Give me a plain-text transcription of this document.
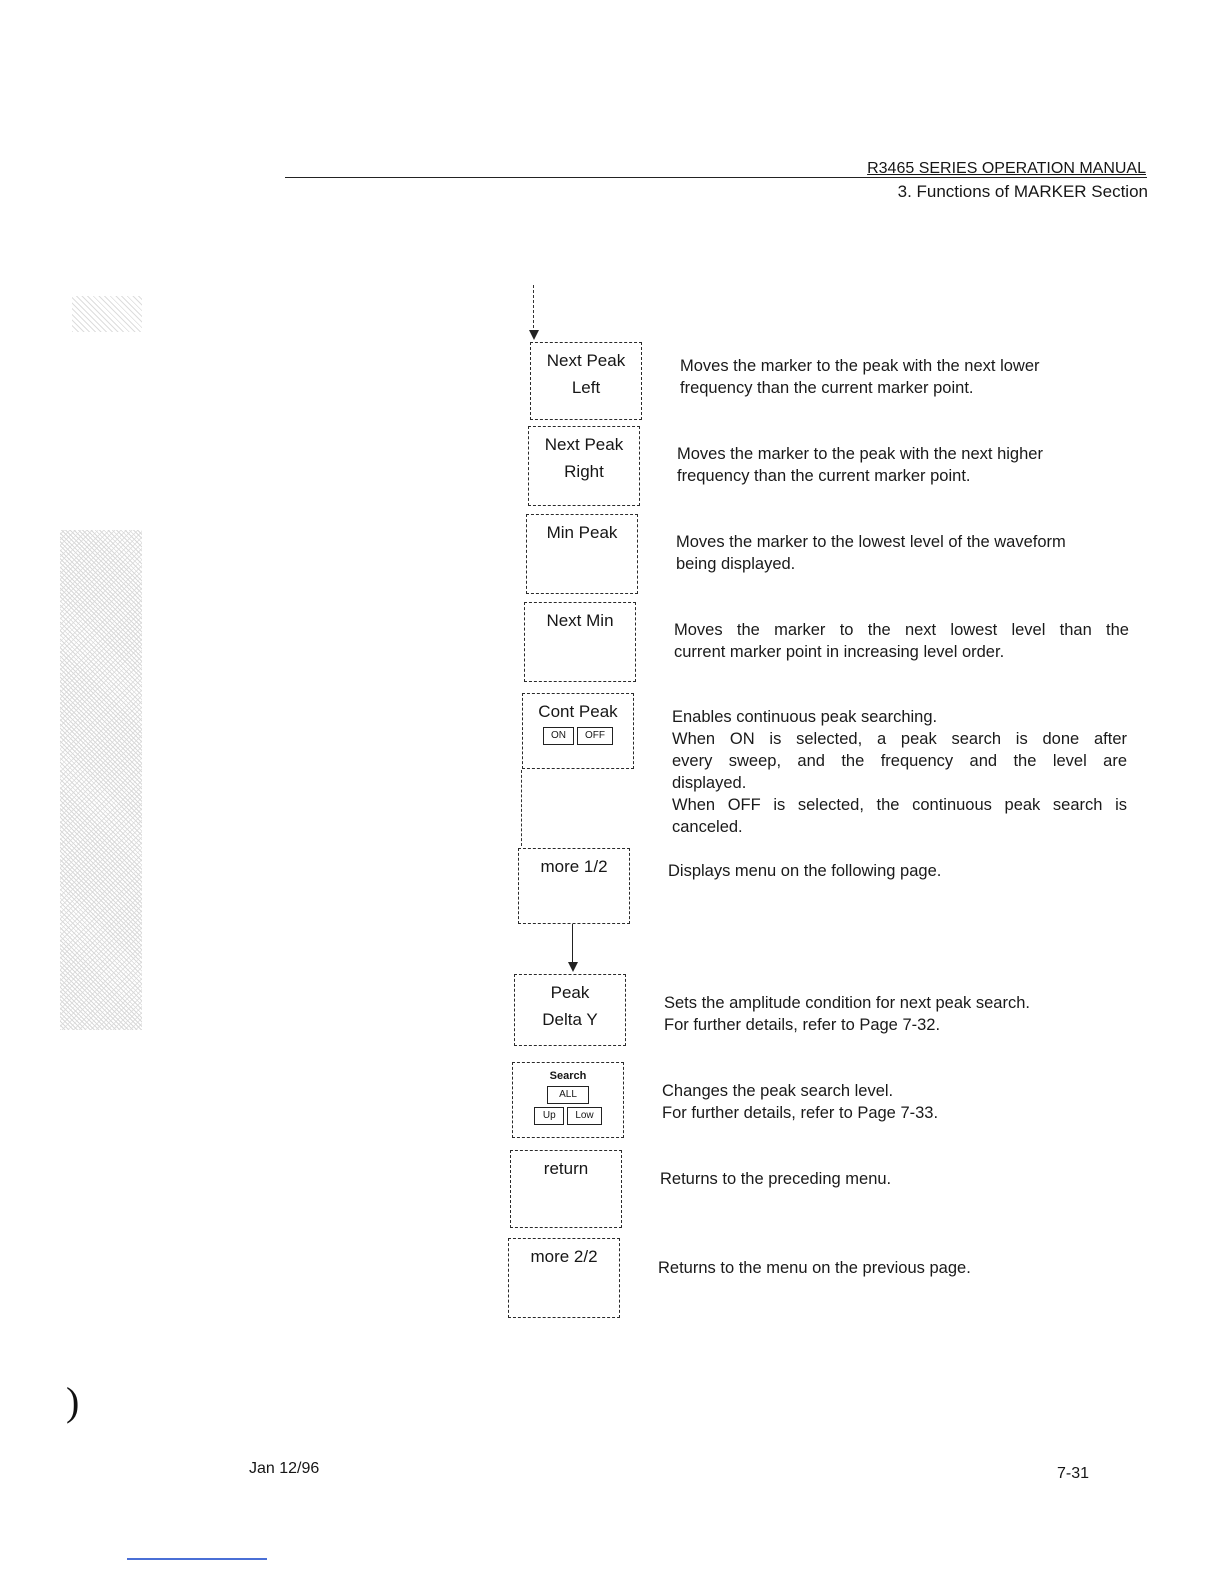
)
R3465 SERIES OPERATION MANUAL
3. Functions of MARKER Section
Next Peak
Left
Moves the marker to the peak with the next lower
frequency than the current marker point.
Next Peak
Right
Moves the marker to the peak with the next higher
frequency than the current marker point.
Min Peak	Moves the marker to the lowest level of the waveform
being displayed.
Next Min	Moves the marker to the next lowest level than the
current marker point in increasing level order.
Cont Peak
ON	OFF
Enables continuous peak searching.
When ON is selected, a peak search is done after
every sweep, and the frequency and the level are
displayed.
When OFF is selected, the continuous peak search is
canceled.
more 1/2	Displays menu on the following page.
Peak
Delta Y
Sets the amplitude condition for next peak search.
For further details, refer to Page 7-32.
Search
ALL
Up	Low
Changes the peak search level.
For further details, refer to Page 7-33.
return
Returns to the preceding menu.
more 2/2
Returns to the menu on the previous page.
Jan 12/96	7-31
